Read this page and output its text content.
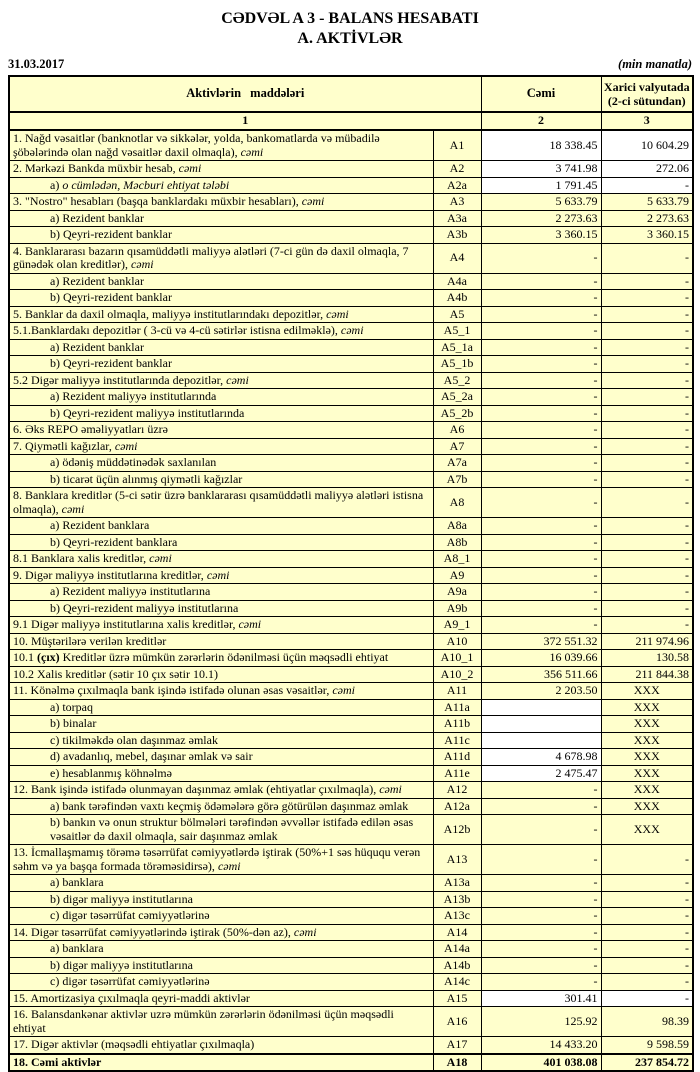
CƏDVƏL A 3 - BALANS HESABATI
A. AKTİVLƏR
31.03.2017	(min manatla)
Aktivlərin maddələri		Cəmi	Xarici valyutada
(2-ci sütundan)
1		2	3
1. Nağd vəsaitlər (banknotlar və sikkələr, yolda, bankomatlarda və mübadilə şöbələrində olan nağd vəsaitlər daxil olmaqla), cəmi	A1	18 338.45	10 604.29
2. Mərkəzi Bankda müxbir hesab, cəmi	A2	3 741.98	272.06
a) o cümlədən, Məcburi ehtiyat tələbi	A2a	1 791.45	-
3. "Nostro" hesabları (başqa banklardakı müxbir hesabları), cəmi	A3	5 633.79	5 633.79
a) Rezident banklar	A3a	2 273.63	2 273.63
b) Qeyri-rezident banklar	A3b	3 360.15	3 360.15
4. Banklararası bazarın qısamüddətli maliyyə alətləri (7-ci gün də daxil olmaqla, 7 günədək olan kreditlər), cəmi	A4	-	-
a) Rezident banklar	A4a	-	-
b) Qeyri-rezident banklar	A4b	-	-
5. Banklar da daxil olmaqla, maliyyə institutlarındakı depozitlər, cəmi	A5	-	-
5.1.Banklardakı depozitlər ( 3-cü və 4-cü sətirlər istisna edilməklə), cəmi	A5_1	-	-
a) Rezident banklar	A5_1a	-	-
b) Qeyri-rezident banklar	A5_1b	-	-
5.2 Digər maliyyə institutlarında depozitlər, cəmi	A5_2	-	-
a) Rezident maliyyə institutlarında	A5_2a	-	-
b) Qeyri-rezident maliyyə institutlarında	A5_2b	-	-
6. Əks REPO əməliyyatları üzrə	A6	-	-
7. Qiymətli kağızlar, cəmi	A7	-	-
a) ödəniş müddətinədək saxlanılan	A7a	-	-
b) ticarət üçün alınmış qiymətli kağızlar	A7b	-	-
8. Banklara kreditlər (5-ci sətir üzrə banklararası qısamüddətli maliyyə alətləri istisna olmaqla), cəmi	A8	-	-
a) Rezident banklara	A8a	-	-
b) Qeyri-rezident banklara	A8b	-	-
8.1 Banklara xalis kreditlər, cəmi	A8_1	-	-
9. Digər maliyyə institutlarına kreditlər, cəmi	A9	-	-
a) Rezident maliyyə institutlarına	A9a	-	-
b) Qeyri-rezident maliyyə institutlarına	A9b	-	-
9.1 Digər maliyyə institutlarına xalis kreditlər, cəmi	A9_1	-	-
10. Müştərilərə verilən kreditlər	A10	372 551.32	211 974.96
10.1 (çıx) Kreditlər üzrə mümkün zərərlərin ödənilməsi üçün məqsədli ehtiyat	A10_1	16 039.66	130.58
10.2 Xalis kreditlər (sətir 10 çıx sətir 10.1)	A10_2	356 511.66	211 844.38
11. Könəlmə çıxılmaqla bank işində istifadə olunan əsas vəsaitlər, cəmi	A11	2 203.50	XXX
a) torpaq	A11a		XXX
b) binalar	A11b		XXX
c) tikilməkdə olan daşınmaz əmlak	A11c		XXX
d) avadanlıq, mebel, daşınar əmlak və sair	A11d	4 678.98	XXX
e) hesablanmış köhnəlmə	A11e	2 475.47	XXX
12. Bank işində istifadə olunmayan daşınmaz əmlak (ehtiyatlar çıxılmaqla), cəmi	A12	-	XXX
a) bank tərəfindən vaxtı keçmiş ödəmələrə görə götürülən daşınmaz əmlak	A12a	-	XXX
b) bankın və onun struktur bölmələri tərəfindən əvvəllər istifadə edilən əsas vəsaitlər də daxil olmaqla, sair daşınmaz əmlak	A12b	-	XXX
13. İcmallaşmamış törəmə təsərrüfat cəmiyyətlərdə iştirak (50%+1 səs hüququ verən səhm və ya başqa formada törəməsidirsə), cəmi	A13	-	-
a) banklara	A13a	-	-
b) digər maliyyə institutlarına	A13b	-	-
c) digər təsərrüfat cəmiyyətlərinə	A13c	-	-
14. Digər təsərrüfat cəmiyyətlərində iştirak (50%-dən az), cəmi	A14	-	-
a) banklara	A14a	-	-
b) digər maliyyə institutlarına	A14b	-	-
c) digər təsərrüfat cəmiyyətlərinə	A14c	-	-
15. Amortizasiya çıxılmaqla qeyri-maddi aktivlər	A15	301.41	-
16. Balansdankənar aktivlər uzrə mümkün zərərlərin ödənilməsi üçün məqsədli ehtiyat	A16	125.92	98.39
17. Digər aktivlər (məqsədli ehtiyatlar çıxılmaqla)	A17	14 433.20	9 598.59
18. Cəmi aktivlər	A18	401 038.08	237 854.72
